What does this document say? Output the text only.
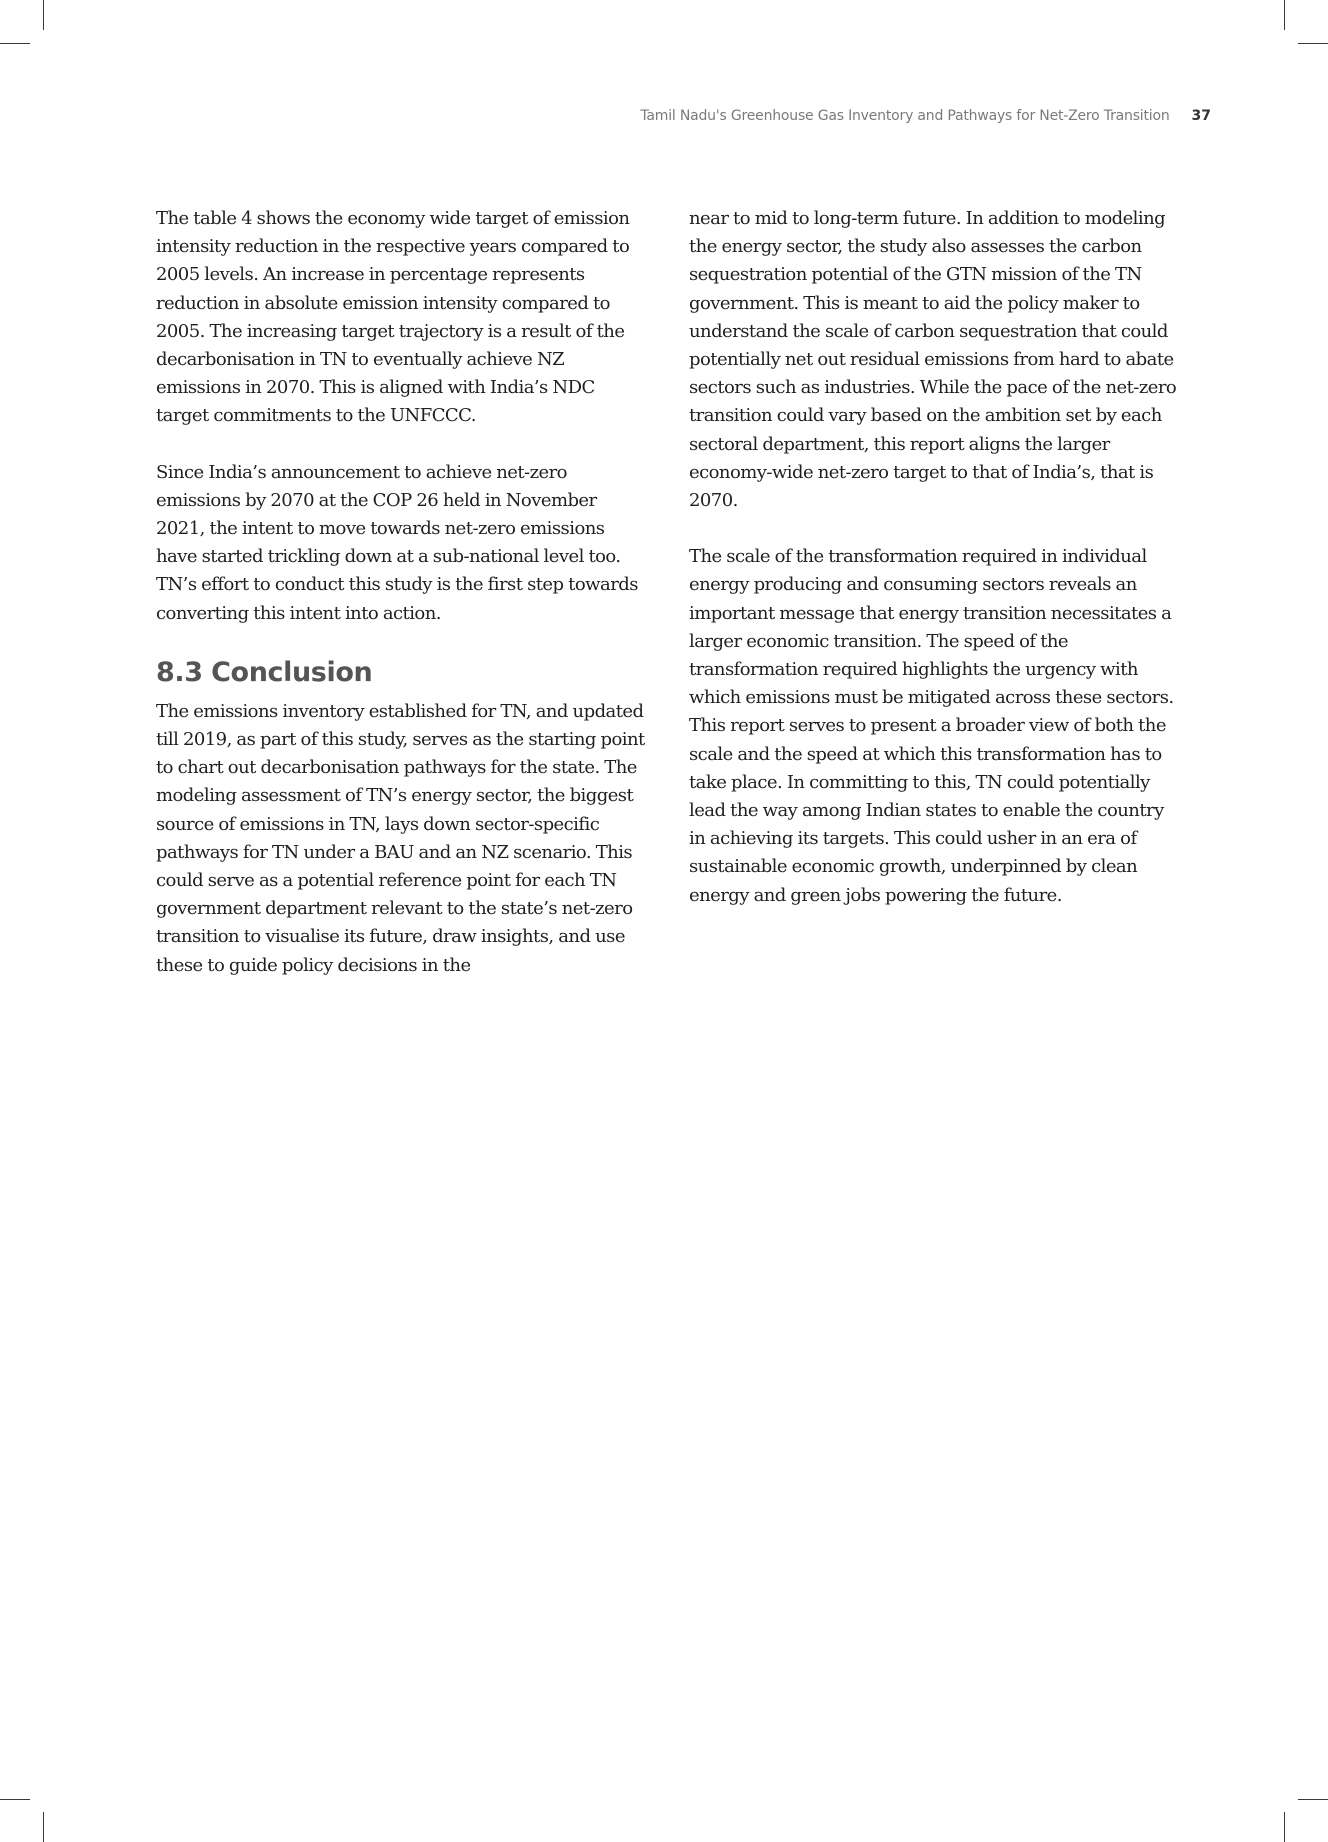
Tamil Nadu's Greenhouse Gas Inventory and Pathways for Net-Zero Transition 37

The table 4 shows the economy wide target of emission intensity reduction in the respective years compared to 2005 levels. An increase in percentage represents reduction in absolute emission intensity compared to 2005. The increasing target trajectory is a result of the decarbonisation in TN to eventually achieve NZ emissions in 2070. This is aligned with India’s NDC target commitments to the UNFCCC.

Since India’s announcement to achieve net-zero emissions by 2070 at the COP 26 held in November 2021, the intent to move towards net-zero emissions have started trickling down at a sub-national level too. TN’s effort to conduct this study is the first step towards converting this intent into action.

8.3 Conclusion

The emissions inventory established for TN, and updated till 2019, as part of this study, serves as the starting point to chart out decarbonisation pathways for the state. The modeling assessment of TN’s energy sector, the biggest source of emissions in TN, lays down sector-specific pathways for TN under a BAU and an NZ scenario. This could serve as a potential reference point for each TN government department relevant to the state’s net-zero transition to visualise its future, draw insights, and use these to guide policy decisions in the

near to mid to long-term future. In addition to modeling the energy sector, the study also assesses the carbon sequestration potential of the GTN mission of the TN government. This is meant to aid the policy maker to understand the scale of carbon sequestration that could potentially net out residual emissions from hard to abate sectors such as industries. While the pace of the net-zero transition could vary based on the ambition set by each sectoral department, this report aligns the larger economy-wide net-zero target to that of India’s, that is 2070.

The scale of the transformation required in individual energy producing and consuming sectors reveals an important message that energy transition necessitates a larger economic transition. The speed of the transformation required highlights the urgency with which emissions must be mitigated across these sectors. This report serves to present a broader view of both the scale and the speed at which this transformation has to take place. In committing to this, TN could potentially lead the way among Indian states to enable the country in achieving its targets. This could usher in an era of sustainable economic growth, underpinned by clean energy and green jobs powering the future.
